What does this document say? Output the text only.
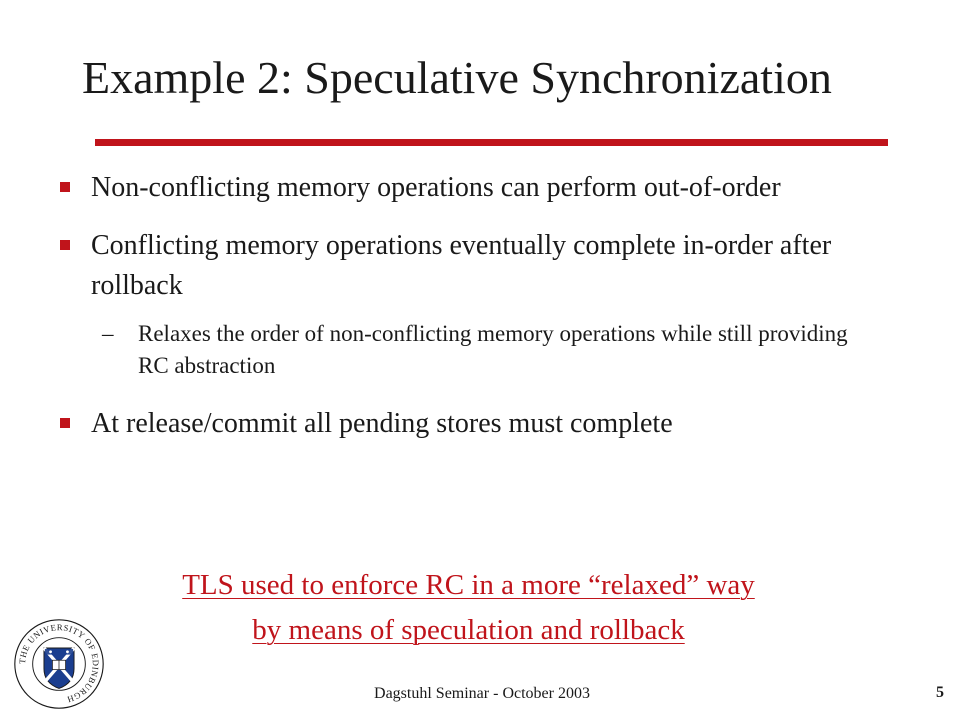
Example 2: Speculative Synchronization
Non-conflicting memory operations can perform out-of-order
Conflicting memory operations eventually complete in-order after rollback
– Relaxes the order of non-conflicting memory operations while still providing RC abstraction
At release/commit all pending stores must complete
TLS used to enforce RC in a more “relaxed” way
by means of speculation and rollback
THE UNIVERSITY OF EDINBURGH	Dagstuhl Seminar - October 2003	5
